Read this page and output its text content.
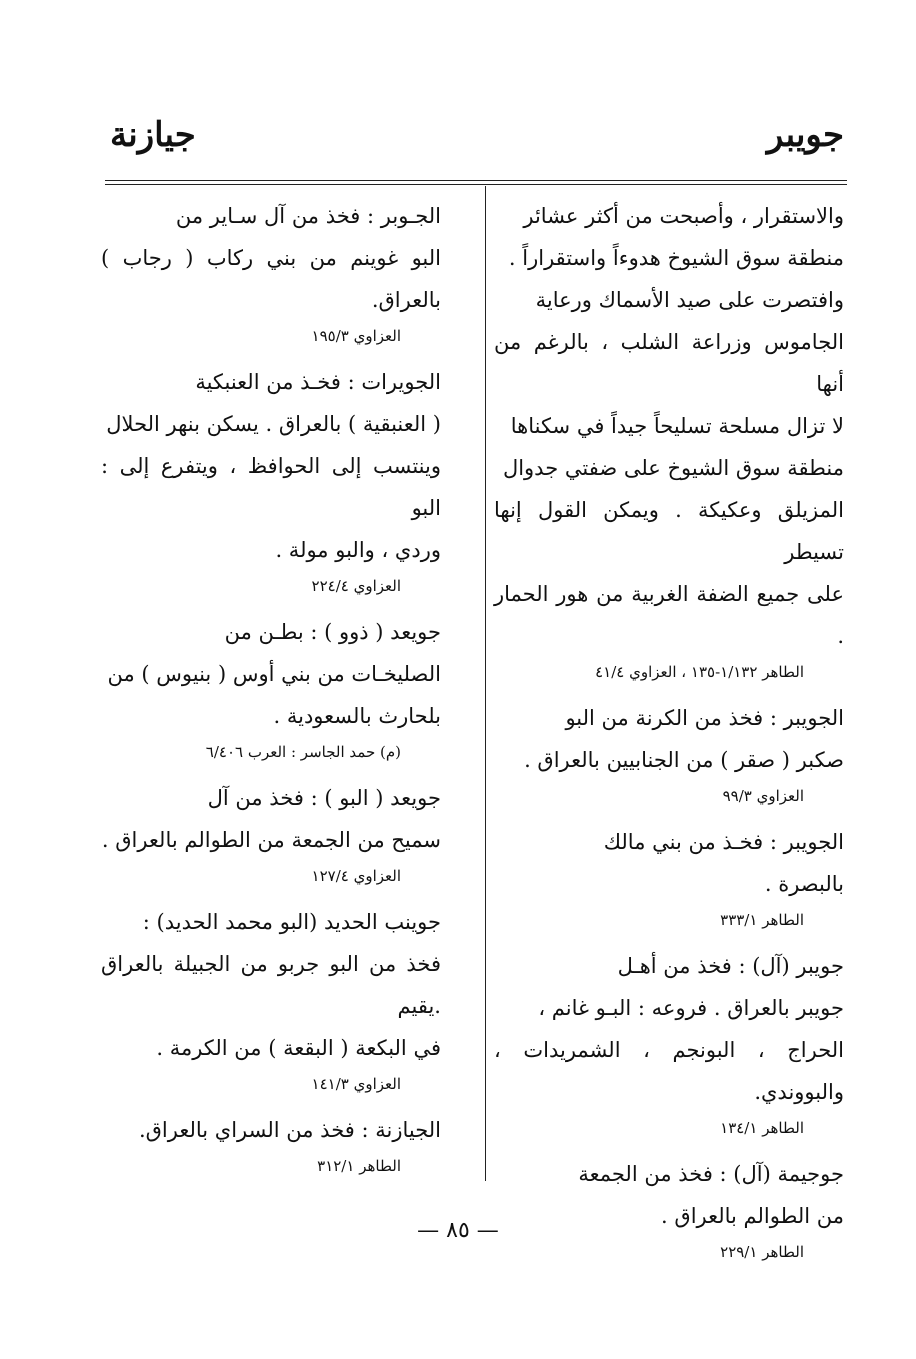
جويبر
جيازنة

والاستقرار ، وأصبحت من أكثر عشائر

منطقة سوق الشيوخ هدوءاً واستقراراً .

وافتصرت على صيد الأسماك ورعاية

الجاموس وزراعة الشلب ، بالرغم من أنها

لا تزال مسلحة تسليحاً جيداً في سكناها

منطقة سوق الشيوخ على ضفتي جدوال

المزيلق وعكيكة . ويمكن القول إنها تسيطر

على جميع الضفة الغربية من هور الحمار .

الطاهر ١/١٣٢-١٣٥ ، العزاوي ٤١/٤

الجويبر : فخذ من الكرنة من البو

صكبر ( صقر ) من الجنابيين بالعراق .

العزاوي ٩٩/٣

الجويبر : فخـذ من بني مالك

بالبصرة .

الطاهر ٣٣٣/١

جويبر (آل) : فخذ من أهـل

جويبر بالعراق . فروعه : البـو غانم ،

الحراج ، البونجم ، الشمريدات ، والبووندي.

الطاهر ١٣٤/١

جوجيمة (آل) : فخذ من الجمعة

من الطوالم بالعراق .

الطاهر ٢٢٩/١

الجـوبر : فخذ من آل سـاير من

البو غوينم من بني ركاب ( رجاب ) بالعراق.

العزاوي ١٩٥/٣

الجويرات : فخـذ من العنبكية

( العنبقية ) بالعراق . يسكن بنهر الحلال

وينتسب إلى الحوافظ ، ويتفرع إلى : البو

وردي ، والبو مولة .

العزاوي ٢٢٤/٤

جويعد ( ذوو ) : بطـن من

الصليخـات من بني أوس ( بنيوس ) من

بلحارث بالسعودية .

(م) حمد الجاسر : العرب ٦/٤٠٦

جويعد ( البو ) : فخذ من آل

سميح من الجمعة من الطوالم بالعراق .

العزاوي ١٢٧/٤

جوينب الحديد (البو محمد الحديد) :

فخذ من البو جربو من الجبيلة بالعراق .يقيم

في البكعة ( البقعة ) من الكرمة .

العزاوي ١٤١/٣

الجيازنة : فخذ من السراي بالعراق.

الطاهر ٣١٢/١

— ٨٥ —
